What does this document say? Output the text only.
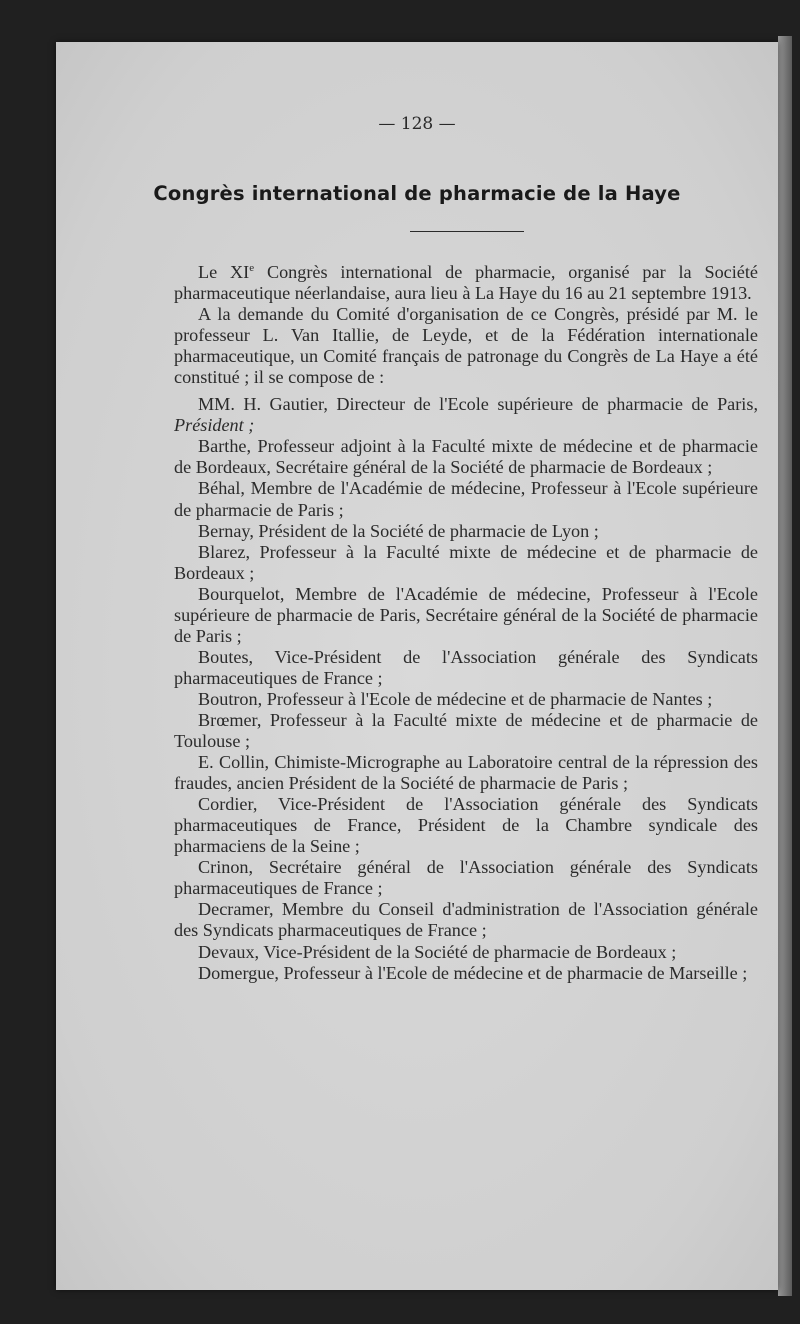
— 128 —
Congrès international de pharmacie de la Haye

Le XIe Congrès international de pharmacie, organisé par la Société pharmaceutique néerlandaise, aura lieu à La Haye du 16 au 21 septembre 1913.

A la demande du Comité d'organisation de ce Congrès, présidé par M. le professeur L. Van Itallie, de Leyde, et de la Fédération internationale pharmaceutique, un Comité français de patronage du Congrès de La Haye a été constitué ; il se compose de :

MM. H. Gautier, Directeur de l'Ecole supérieure de pharmacie de Paris, Président ;

Barthe, Professeur adjoint à la Faculté mixte de médecine et de pharmacie de Bordeaux, Secrétaire général de la Société de pharmacie de Bordeaux ;

Béhal, Membre de l'Académie de médecine, Professeur à l'Ecole supérieure de pharmacie de Paris ;

Bernay, Président de la Société de pharmacie de Lyon ;

Blarez, Professeur à la Faculté mixte de médecine et de pharmacie de Bordeaux ;

Bourquelot, Membre de l'Académie de médecine, Professeur à l'Ecole supérieure de pharmacie de Paris, Secrétaire général de la Société de pharmacie de Paris ;

Boutes, Vice-Président de l'Association générale des Syndicats pharmaceutiques de France ;

Boutron, Professeur à l'Ecole de médecine et de pharmacie de Nantes ;

Brœmer, Professeur à la Faculté mixte de médecine et de pharmacie de Toulouse ;

E. Collin, Chimiste-Micrographe au Laboratoire central de la répression des fraudes, ancien Président de la Société de pharmacie de Paris ;

Cordier, Vice-Président de l'Association générale des Syndicats pharmaceutiques de France, Président de la Chambre syndicale des pharmaciens de la Seine ;

Crinon, Secrétaire général de l'Association générale des Syndicats pharmaceutiques de France ;

Decramer, Membre du Conseil d'administration de l'Association générale des Syndicats pharmaceutiques de France ;

Devaux, Vice-Président de la Société de pharmacie de Bordeaux ;

Domergue, Professeur à l'Ecole de médecine et de pharmacie de Marseille ;
